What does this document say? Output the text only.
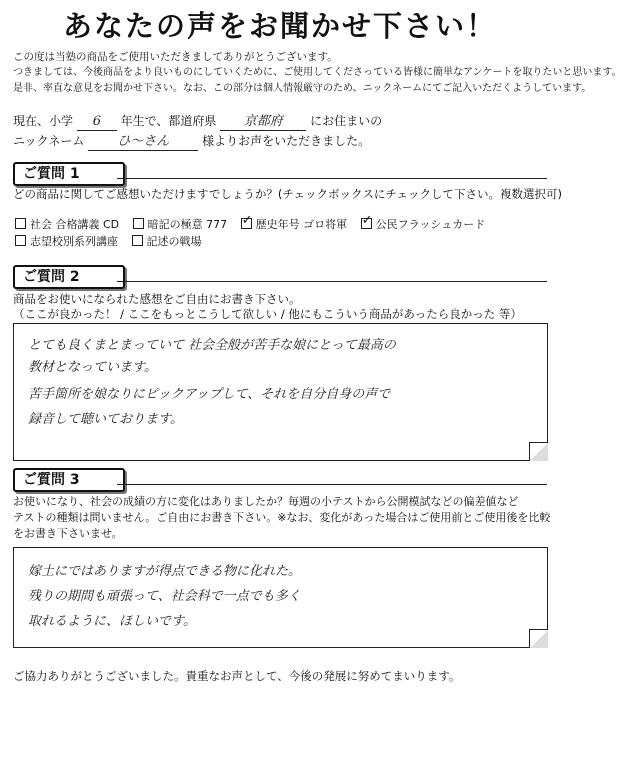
あなたの声をお聞かせ下さい！
この度は当塾の商品をご使用いただきましてありがとうございます。
つきましては、今後商品をより良いものにしていくために、ご使用してくださっている皆様に簡単なアンケートを取りたいと思います。
是非、率直な意見をお聞かせ下さい。なお、この部分は個人情報厳守のため、ニックネームにてご記入いただくようしています。
現在、小学 6 年生で、都道府県 京都府 にお住まいの
ニックネーム	ひ〜さん	様よりお声をいただきました。
ご質問 1
どの商品に関してご感想いただけますでしょうか？(チェックボックスにチェックして下さい。複数選択可)
社会 合格講義 CD	暗記の極意 777 ✓	歴史年号 ゴロ将軍 ✓	公民フラッシュカード
志望校別系列講座	記述の戦場
ご質問 2
商品をお使いになられた感想をご自由にお書き下さい。
（ここが良かった！ / ここをもっとこうして欲しい / 他にもこういう商品があったら良かった 等）
とても良くまとまっていて 社会全般が苦手な娘にとって最高の
教材となっています。
苦手箇所を娘なりにピックアップして、それを自分自身の声で
録音して聴いております。
ご質問 3
お使いになり、社会の成績の方に変化はありましたか？毎週の小テストから公開模試などの偏差値など
テストの種類は問いません。ご自由にお書き下さい。※なお、変化があった場合はご使用前とご使用後を比較
をお書き下さいませ。
嫁土にではありますが得点できる物に化れた。
残りの期間も頑張って、社会科で一点でも多く
取れるように、ほしいです。
ご協力ありがとうございました。貴重なお声として、今後の発展に努めてまいります。
